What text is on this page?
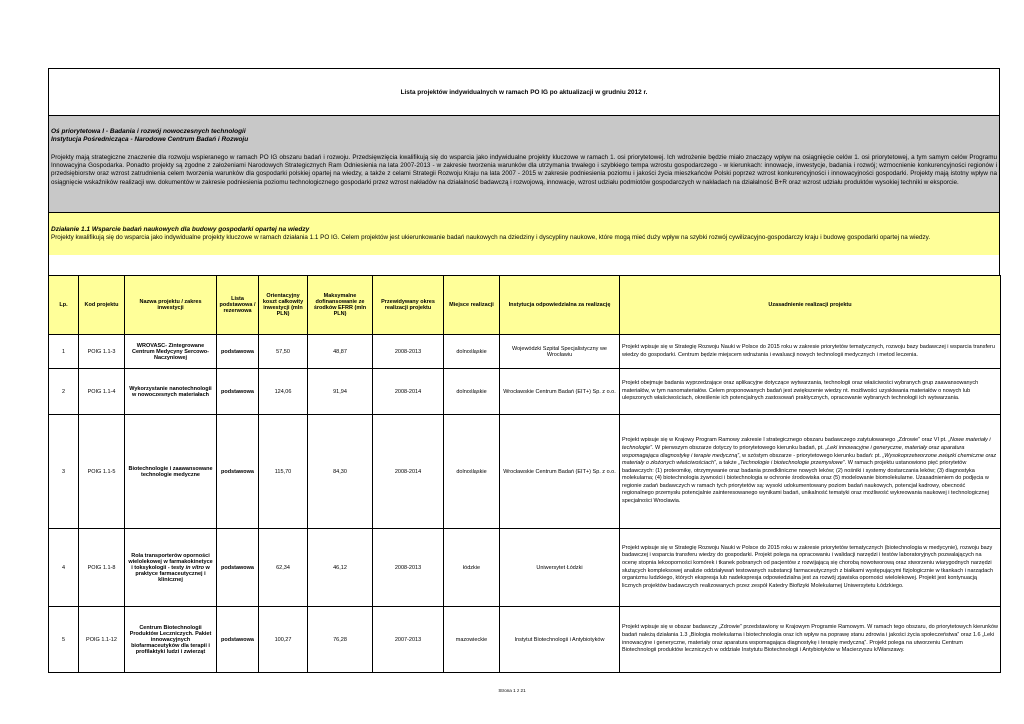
Lista projektów indywidualnych w ramach PO IG po aktualizacji w grudniu 2012 r.
Oś priorytetowa I - Badania i rozwój nowoczesnych technologii
Instytucja Pośrednicząca - Narodowe Centrum Badań i Rozwoju
Projekty mają strategiczne znaczenie dla rozwoju wspieranego w ramach PO IG obszaru badań i rozwoju. Przedsięwzięcia kwalifikują się do wsparcia jako indywidualne projekty kluczowe w ramach 1. osi priorytetowej. Ich wdrożenie będzie miało znaczący wpływ na osiągnięcie celów 1. osi priorytetowej, a tym samym celów Programu Innowacyjna Gospodarka. Ponadto projekty są zgodne z założeniami Narodowych Strategicznych Ram Odniesienia na lata 2007-2013 - w zakresie tworzenia warunków dla utrzymania trwałego i szybkiego tempa wzrostu gospodarczego - w kierunkach: innowacje, inwestycje, badania i rozwój; wzmocnienie konkurencyjności regionów i przedsiębiorstw oraz wzrost zatrudnienia celem tworzenia warunków dla gospodarki polskiej opartej na wiedzy, a także z celami Strategii Rozwoju Kraju na lata 2007 - 2015 w zakresie podniesienia poziomu i jakości życia mieszkańców Polski poprzez wzrost konkurencyjności i innowacyjności gospodarki. Projekty mają istotny wpływ na osiągnięcie wskaźników realizacji ww. dokumentów w zakresie podniesienia poziomu technologicznego gospodarki przez wzrost nakładów na działalność badawczą i rozwojową, innowacje, wzrost udziału podmiotów gospodarczych w nakładach na działalność B+R oraz wzrost udziału produktów wysokiej techniki w eksporcie.
Działanie 1.1 Wsparcie badań naukowych dla budowy gospodarki opartej na wiedzy
Projekty kwalifikują się do wsparcia jako indywidualne projekty kluczowe w ramach działania 1.1 PO IG. Celem projektów jest ukierunkowanie badań naukowych na dziedziny i dyscypliny naukowe, które mogą mieć duży wpływ na szybki rozwój cywilizacyjno-gospodarczy kraju i budowę gospodarki opartej na wiedzy.
Lp.	Kod projektu	Nazwa projektu / zakres inwestycji	Lista podstawowa / rezerwowa	Orientacyjny koszt całkowity inwestycji (mln PLN)	Maksymalne dofinansowanie ze środków EFRR (mln PLN)	Przewidywany okres realizacji projektu	Miejsce realizacji	Instytucja odpowiedzialna za realizację	Uzasadnienie realizacji projektu
1	POIG 1.1-3	WROVASC- Zintegrowane Centrum Medycyny Sercowo-Naczyniowej	podstawowa	57,50	48,87	2008-2013	dolnośląskie	Wojewódzki Szpital Specjalistyczny we Wrocławiu	Projekt wpisuje się w Strategię Rozwoju Nauki w Polsce do 2015 roku w zakresie priorytetów tematycznych, rozwoju bazy badawczej i wsparcia transferu wiedzy do gospodarki. Centrum będzie miejscem wdrażania i ewaluacji nowych technologii medycznych i metod leczenia.
2	POIG 1.1-4	Wykorzystanie nanotechnologii w nowoczesnych materiałach	podstawowa	124,06	91,94	2008-2014	dolnośląskie	Wrocławskie Centrum Badań (EIT+) Sp. z o.o.	Projekt obejmuje badania wyprzedzające oraz aplikacyjne dotyczące wytwarzania, technologii oraz właściwości wybranych grup zaawansowanych materiałów, w tym nanomateriałów. Celem proponowanych badań jest zwiększenie wiedzy nt. możliwości uzyskiwania materiałów o nowych lub ulepszonych właściwościach, określenie ich potencjalnych zastosowań praktycznych, opracowanie wybranych technologii ich wytwarzania.
3	POIG 1.1-5	Biotechnologie i zaawansowane technologie medyczne	podstawowa	115,70	84,30	2008-2014	dolnośląskie	Wrocławskie Centrum Badań (EIT+) Sp. z o.o.	Projekt wpisuje się w Krajowy Program Ramowy zakresie I strategicznego obszaru badawczego zatytułowanego „Zdrowie” oraz VI pt. „Nowe materiały i technologie”. W pierwszym obszarze dotyczy to priorytetowego kierunku badań, pt. „Leki innowacyjne i generyczne, materiały oraz aparatura wspomagająca diagnostykę i terapie medyczną”, w szóstym obszarze - priorytetowego kierunku badań: pt. „Wysokoprzetworzone związki chemiczne oraz materiały o złożonych właściwościach”, a także „Technologie i biotechnologie przemysłowe”. W ramach projektu ustanowiono pięć priorytetów badawczych: (1) proteomikę, otrzymywanie oraz badania przedkliniczne nowych leków; (2) nośniki i systemy dostarczania leków; (3) diagnostyka molekularna; (4) biotechnologia żywności i biotechnologia w ochronie środowiska oraz (5) modelowanie biomolekularne. Uzasadnieniem do podjęcia w regionie zadań badawczych w ramach tych priorytetów są: wysoki udokumentowany poziom badań naukowych, potencjał kadrowy, obecność regionalnego przemysłu potencjalnie zainteresowanego wynikami badań, unikalność tematyki oraz możliwość wykreowania naukowej i technologicznej specjalności Wrocławia.
4	POIG 1.1-8	Rola transporterów oporności wielolekowej w farmakokinetyce i toksykologii - testy in vitro w praktyce farmaceutycznej i klinicznej	podstawowa	62,34	46,12	2008-2013	łódzkie	Uniwersytet Łódzki	Projekt wpisuje się w Strategię Rozwoju Nauki w Polsce do 2015 roku w zakresie priorytetów tematycznych (biotechnologia w medycynie), rozwoju bazy badawczej i wsparcia transferu wiedzy do gospodarki. Projekt polega na opracowaniu i walidacji narzędzi i testów laboratoryjnych pozwalających na ocenę stopnia lekooporności komórek i tkanek pobranych od pacjentów z rozwijającą się chorobą nowotworową oraz stworzeniu wiarygodnych narzędzi służących kompleksowej analizie oddziaływań testowanych substancji farmaceutycznych z białkami występującymi fizjologicznie w tkankach i narządach organizmu ludzkiego, których ekspresja lub nadekspresja odpowiedzialna jest za rozwój zjawiska oporności wielolekowej. Projekt jest kontynuacją licznych projektów badawczych realizowanych przez zespół Katedry Biofizyki Molekularnej Uniwersytetu Łódzkiego.
5	POIG 1.1-12	Centrum Biotechnologii Produktów Leczniczych. Pakiet innowacyjnych biofarmaceutyków dla terapii i profilaktyki ludzi i zwierząt	podstawowa	100,27	76,28	2007-2013	mazowieckie	Instytut Biotechnologii i Antybiotyków	Projekt wpisuje się w obszar badawczy „Zdrowie” przedstawiony w Krajowym Programie Ramowym. W ramach tego obszaru, do priorytetowych kierunków badań należą działania 1.3 „Biologia molekularna i biotechnologia oraz ich wpływ na poprawę stanu zdrowia i jakości życia społeczeństwa” oraz 1.6 „Leki innowacyjne i generyczne, materiały oraz aparatura wspomagająca diagnostykę i terapię medyczną”. Projekt polega na utworzeniu Centrum Biotechnologii produktów leczniczych w oddziale Instytutu Biotechnologii i Antybiotyków w Macierzyszu k/Warszawy.
Strona 1 z 21
